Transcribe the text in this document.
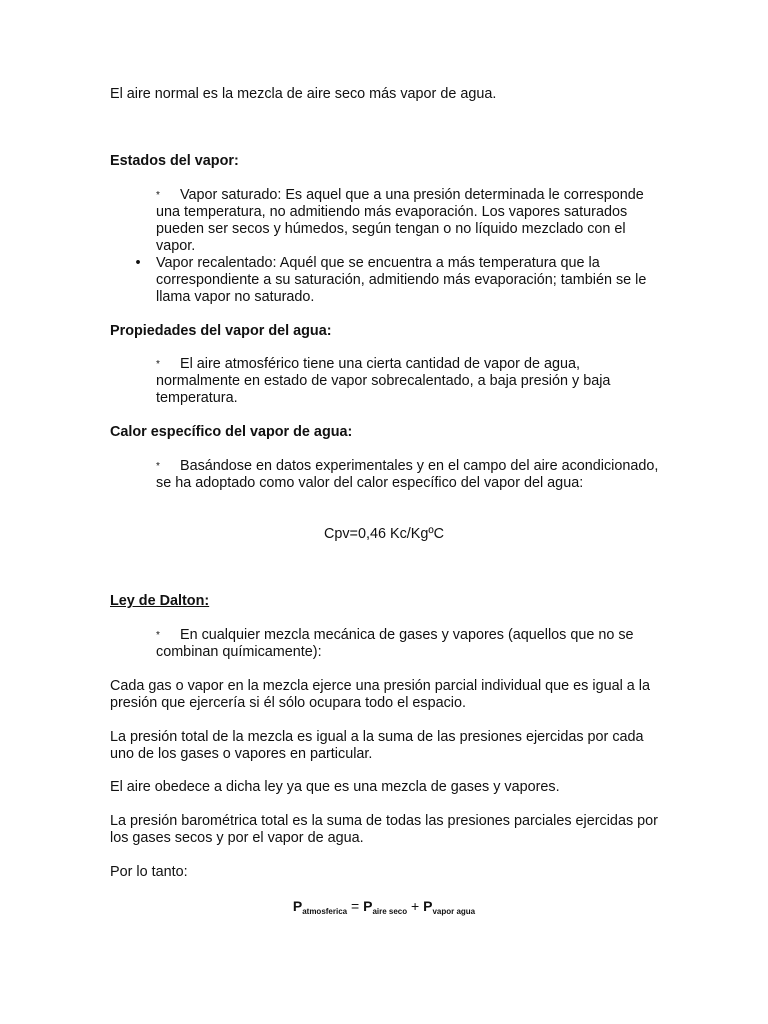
El aire normal es la mezcla de aire seco más vapor de agua.

Estados del vapor:

* Vapor saturado: Es aquel que a una presión determinada le corresponde una temperatura, no admitiendo más evaporación. Los vapores saturados pueden ser secos y húmedos, según tengan o no líquido mezclado con el vapor.
• Vapor recalentado: Aquél que se encuentra a más temperatura que la correspondiente a su saturación, admitiendo más evaporación; también se le llama vapor no saturado.

Propiedades del vapor del agua:

* El aire atmosférico tiene una cierta cantidad de vapor de agua, normalmente en estado de vapor sobrecalentado, a baja presión y baja temperatura.

Calor específico del vapor de agua:

* Basándose en datos experimentales y en el campo del aire acondicionado, se ha adoptado como valor del calor específico del vapor del agua:

Cpv=0,46 Kc/KgºC

Ley de Dalton:

* En cualquier mezcla mecánica de gases y vapores (aquellos que no se combinan químicamente):

Cada gas o vapor en la mezcla ejerce una presión parcial individual que es igual a la presión que ejercería si él sólo ocupara todo el espacio.

La presión total de la mezcla es igual a la suma de las presiones ejercidas por cada uno de los gases o vapores en particular.

El aire obedece a dicha ley ya que es una mezcla de gases y vapores.

La presión barométrica total es la suma de todas las presiones parciales ejercidas por los gases secos y por el vapor de agua.

Por lo tanto:

$P_{atmosferica} = P_{aire seco} + P_{vapor agua}$
